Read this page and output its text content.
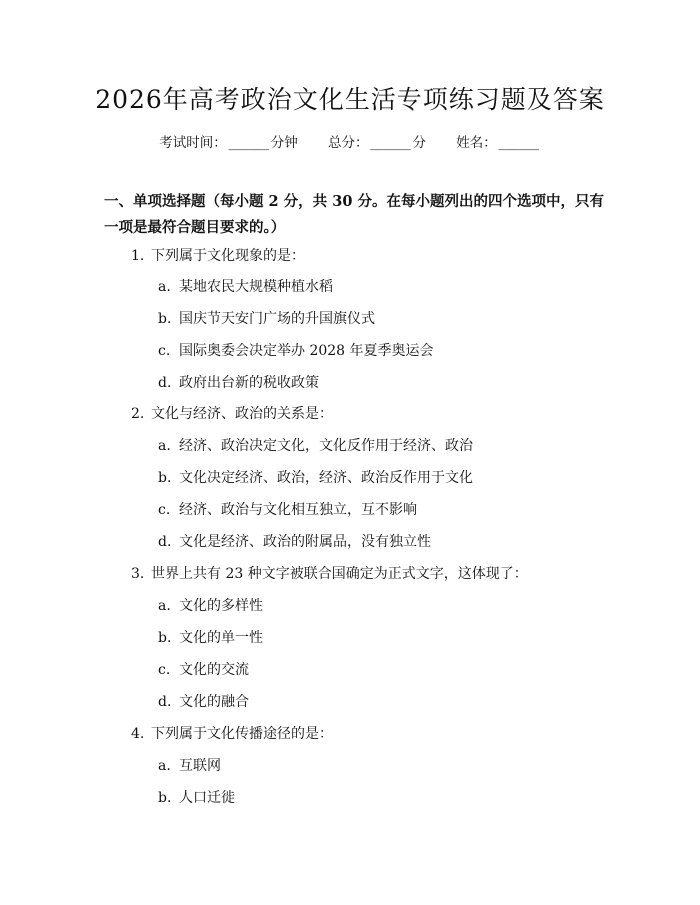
2026年高考政治文化生活专项练习题及答案
考试时间： ______ 分钟 总分： ______ 分 姓名： ______
一、单项选择题（每小题 2 分，共 30 分。在每小题列出的四个选项中，只有一项是最符合题目要求的。）
1. 下列属于文化现象的是：
a. 某地农民大规模种植水稻
b. 国庆节天安门广场的升国旗仪式
c. 国际奥委会决定举办 2028 年夏季奥运会
d. 政府出台新的税收政策
2. 文化与经济、政治的关系是：
a. 经济、政治决定文化，文化反作用于经济、政治
b. 文化决定经济、政治，经济、政治反作用于文化
c. 经济、政治与文化相互独立，互不影响
d. 文化是经济、政治的附属品，没有独立性
3. 世界上共有 23 种文字被联合国确定为正式文字，这体现了：
a. 文化的多样性
b. 文化的单一性
c. 文化的交流
d. 文化的融合
4. 下列属于文化传播途径的是：
a. 互联网
b. 人口迁徙
